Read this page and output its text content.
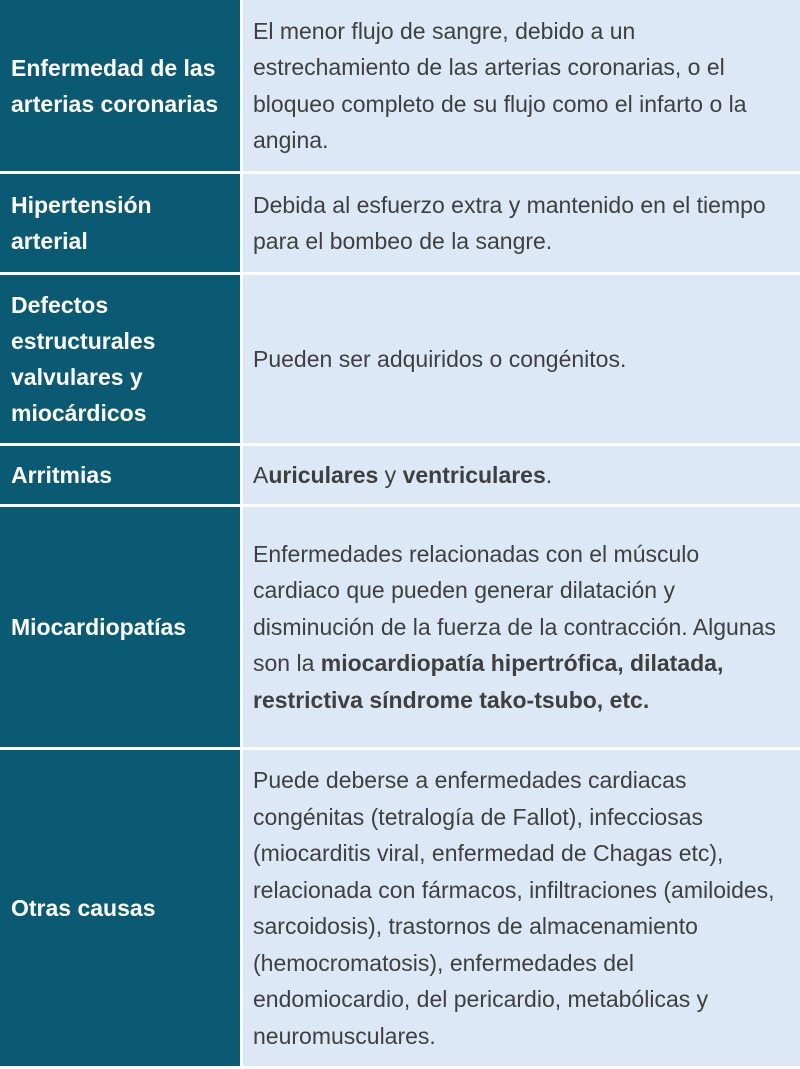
Enfermedad de las arterias coronarias
El menor flujo de sangre, debido a un estrechamiento de las arterias coronarias, o el bloqueo completo de su flujo como el infarto o la angina.
Hipertensión arterial
Debida al esfuerzo extra y mantenido en el tiempo para el bombeo de la sangre.
Defectos estructurales valvulares y miocárdicos
Pueden ser adquiridos o congénitos.
Arritmias	Auriculares y ventriculares.
Miocardiopatías
Enfermedades relacionadas con el músculo cardiaco que pueden generar dilatación y disminución de la fuerza de la contracción. Algunas son la miocardiopatía hipertrófica, dilatada, restrictiva síndrome tako-tsubo, etc.
Otras causas
Puede deberse a enfermedades cardiacas congénitas (tetralogía de Fallot), infecciosas (miocarditis viral, enfermedad de Chagas etc), relacionada con fármacos, infiltraciones (amiloides, sarcoidosis), trastornos de almacenamiento (hemocromatosis), enfermedades del endomiocardio, del pericardio, metabólicas y neuromusculares.
